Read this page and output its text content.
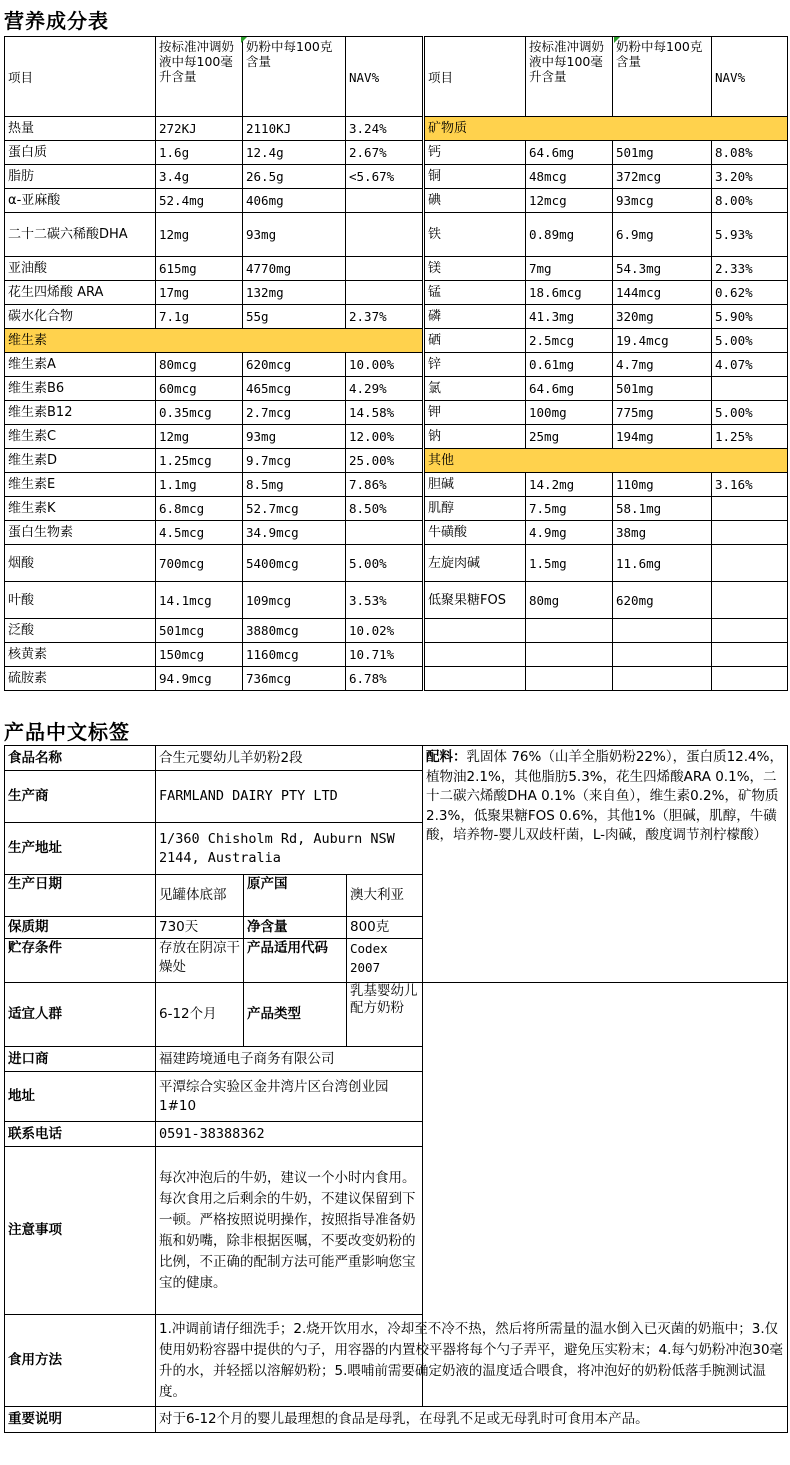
营养成分表
项目	按标准冲调奶液中每100毫升含量	奶粉中每100克含量	NAV%
热量	272KJ	2110KJ	3.24%
蛋白质	1.6g	12.4g	2.67%
脂肪	3.4g	26.5g	<5.67%
α-亚麻酸	52.4mg	406mg	
二十二碳六稀酸DHA	12mg	93mg	
亚油酸	615mg	4770mg	
花生四烯酸 ARA	17mg	132mg	
碳水化合物	7.1g	55g	2.37%
维生素			
维生素A	80mcg	620mcg	10.00%
维生素B6	60mcg	465mcg	4.29%
维生素B12	0.35mcg	2.7mcg	14.58%
维生素C	12mg	93mg	12.00%
维生素D	1.25mcg	9.7mcg	25.00%
维生素E	1.1mg	8.5mg	7.86%
维生素K	6.8mcg	52.7mcg	8.50%
蛋白生物素	4.5mcg	34.9mcg	
烟酸	700mcg	5400mcg	5.00%
叶酸	14.1mcg	109mcg	3.53%
泛酸	501mcg	3880mcg	10.02%
核黄素	150mcg	1160mcg	10.71%
硫胺素	94.9mcg	736mcg	6.78%
项目	按标准冲调奶液中每100毫升含量	奶粉中每100克含量	NAV%
矿物质			
钙	64.6mg	501mg	8.08%
铜	48mcg	372mcg	3.20%
碘	12mcg	93mcg	8.00%
铁	0.89mg	6.9mg	5.93%
镁	7mg	54.3mg	2.33%
锰	18.6mcg	144mcg	0.62%
磷	41.3mg	320mg	5.90%
硒	2.5mcg	19.4mcg	5.00%
锌	0.61mg	4.7mg	4.07%
氯	64.6mg	501mg	
钾	100mg	775mg	5.00%
钠	25mg	194mg	1.25%
其他			
胆碱	14.2mg	110mg	3.16%
肌醇	7.5mg	58.1mg	
牛磺酸	4.9mg	38mg	
左旋肉碱	1.5mg	11.6mg	
低聚果糖FOS	80mg	620mg	

产品中文标签
食品名称	合生元婴幼儿羊奶粉2段			配料：乳固体 76%（山羊全脂奶粉22%），蛋白质12.4%，植物油2.1%，其他脂肪5.3%，花生四烯酸ARA 0.1%，二十二碳六烯酸DHA 0.1%（来自鱼），维生素0.2%，矿物质2.3%，低聚果糖FOS 0.6%，其他1%（胆碱，肌醇，牛磺酸，培养物-婴儿双歧杆菌，L-肉碱，酸度调节剂柠檬酸）
生产商	FARMLAND DAIRY PTY LTD			
生产地址	1/360 Chisholm Rd, Auburn NSW 2144, Australia			
生产日期	见罐体底部	原产国	澳大利亚	
保质期	730天	净含量	800克	
贮存条件	存放在阴凉干燥处	产品适用代码	Codex 2007	
适宜人群	6-12个月	产品类型	乳基婴幼儿配方奶粉	
进口商	福建跨境通电子商务有限公司			
地址	平潭综合实验区金井湾片区台湾创业园1#10			
联系电话	0591-38388362			
注意事项	每次冲泡后的牛奶，建议一个小时内食用。每次食用之后剩余的牛奶，不建议保留到下一顿。严格按照说明操作，按照指导准备奶瓶和奶嘴，除非根据医嘱，不要改变奶粉的比例，不正确的配制方法可能严重影响您宝宝的健康。			
食用方法	1.冲调前请仔细洗手；2.烧开饮用水，冷却至不冷不热，然后将所需量的温水倒入已灭菌的奶瓶中；3.仅使用奶粉容器中提供的勺子，用容器的内置校平器将每个勺子弄平，避免压实粉末；4.每勺奶粉冲泡30毫升的水，并轻摇以溶解奶粉；5.喂哺前需要确定奶液的温度适合喂食，将冲泡好的奶粉低落手腕测试温度。			
重要说明	对于6-12个月的婴儿最理想的食品是母乳，在母乳不足或无母乳时可食用本产品。			
